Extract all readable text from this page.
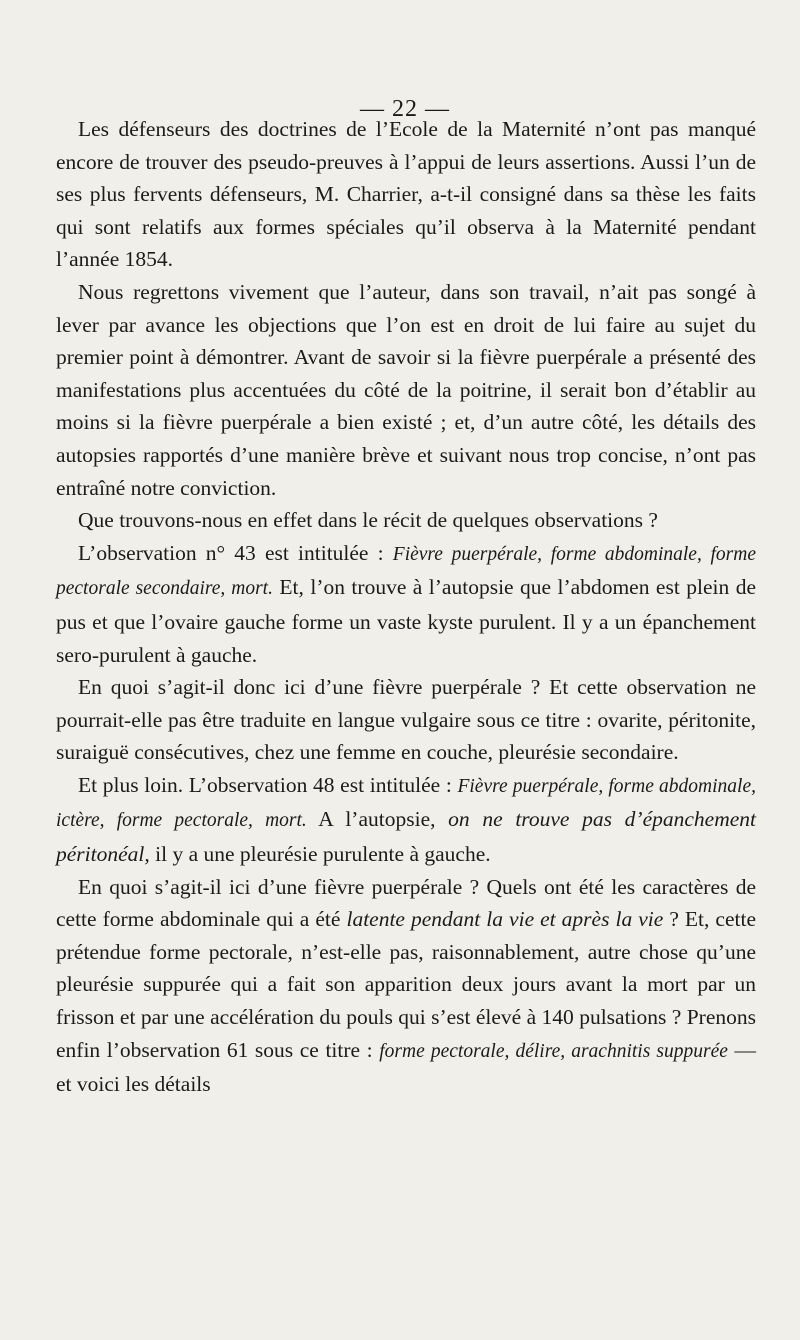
— 22 —

Les défenseurs des doctrines de l’Ecole de la Maternité n’ont pas manqué encore de trouver des pseudo-preuves à l’appui de leurs assertions. Aussi l’un de ses plus fervents défenseurs, M. Charrier, a-t-il consigné dans sa thèse les faits qui sont relatifs aux formes spéciales qu’il observa à la Maternité pendant l’année 1854.

Nous regrettons vivement que l’auteur, dans son travail, n’ait pas songé à lever par avance les objections que l’on est en droit de lui faire au sujet du premier point à démontrer. Avant de savoir si la fièvre puerpérale a présenté des manifestations plus accentuées du côté de la poitrine, il serait bon d’établir au moins si la fièvre puerpérale a bien existé ; et, d’un autre côté, les détails des autopsies rapportés d’une manière brève et suivant nous trop concise, n’ont pas entraîné notre conviction.

Que trouvons-nous en effet dans le récit de quelques observations ?

L’observation n° 43 est intitulée : Fièvre puerpérale, forme abdominale, forme pectorale secondaire, mort. Et, l’on trouve à l’autopsie que l’abdomen est plein de pus et que l’ovaire gauche forme un vaste kyste purulent. Il y a un épanchement sero-purulent à gauche.

En quoi s’agit-il donc ici d’une fièvre puerpérale ? Et cette observation ne pourrait-elle pas être traduite en langue vulgaire sous ce titre : ovarite, péritonite, suraiguë consécutives, chez une femme en couche, pleurésie secondaire.

Et plus loin. L’observation 48 est intitulée : Fièvre puerpérale, forme abdominale, ictère, forme pectorale, mort. A l’autopsie, on ne trouve pas d’épanchement péritonéal, il y a une pleurésie purulente à gauche.

En quoi s’agit-il ici d’une fièvre puerpérale ? Quels ont été les caractères de cette forme abdominale qui a été latente pendant la vie et après la vie ? Et, cette prétendue forme pectorale, n’est-elle pas, raisonnablement, autre chose qu’une pleurésie suppurée qui a fait son apparition deux jours avant la mort par un frisson et par une accélération du pouls qui s’est élevé à 140 pulsations ? Prenons enfin l’observation 61 sous ce titre : forme pectorale, délire, arachnitis suppurée — et voici les détails
